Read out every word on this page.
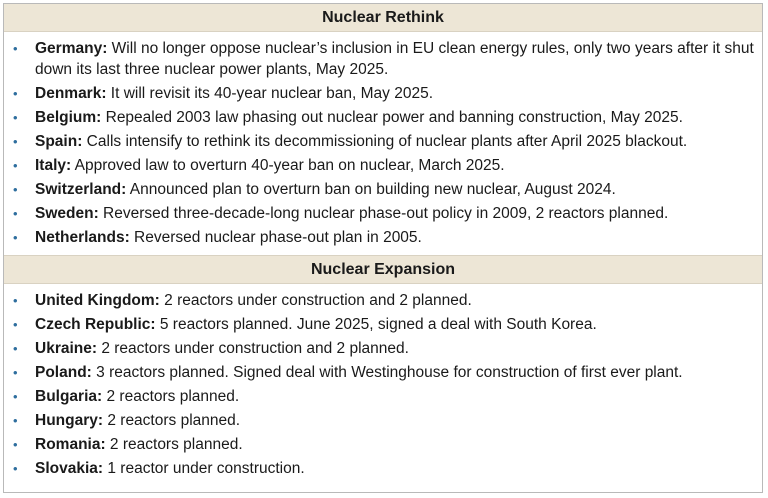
Nuclear Rethink
• Germany: Will no longer oppose nuclear’s inclusion in EU clean energy rules, only two years after it shut down its last three nuclear power plants, May 2025.
• Denmark: It will revisit its 40-year nuclear ban, May 2025.
• Belgium: Repealed 2003 law phasing out nuclear power and banning construction, May 2025.
• Spain: Calls intensify to rethink its decommissioning of nuclear plants after April 2025 blackout.
• Italy: Approved law to overturn 40-year ban on nuclear, March 2025.
• Switzerland: Announced plan to overturn ban on building new nuclear, August 2024.
• Sweden: Reversed three-decade-long nuclear phase-out policy in 2009, 2 reactors planned.
• Netherlands: Reversed nuclear phase-out plan in 2005.
Nuclear Expansion
• United Kingdom: 2 reactors under construction and 2 planned.
• Czech Republic: 5 reactors planned. June 2025, signed a deal with South Korea.
• Ukraine: 2 reactors under construction and 2 planned.
• Poland: 3 reactors planned. Signed deal with Westinghouse for construction of first ever plant.
• Bulgaria: 2 reactors planned.
• Hungary: 2 reactors planned.
• Romania: 2 reactors planned.
• Slovakia: 1 reactor under construction.
